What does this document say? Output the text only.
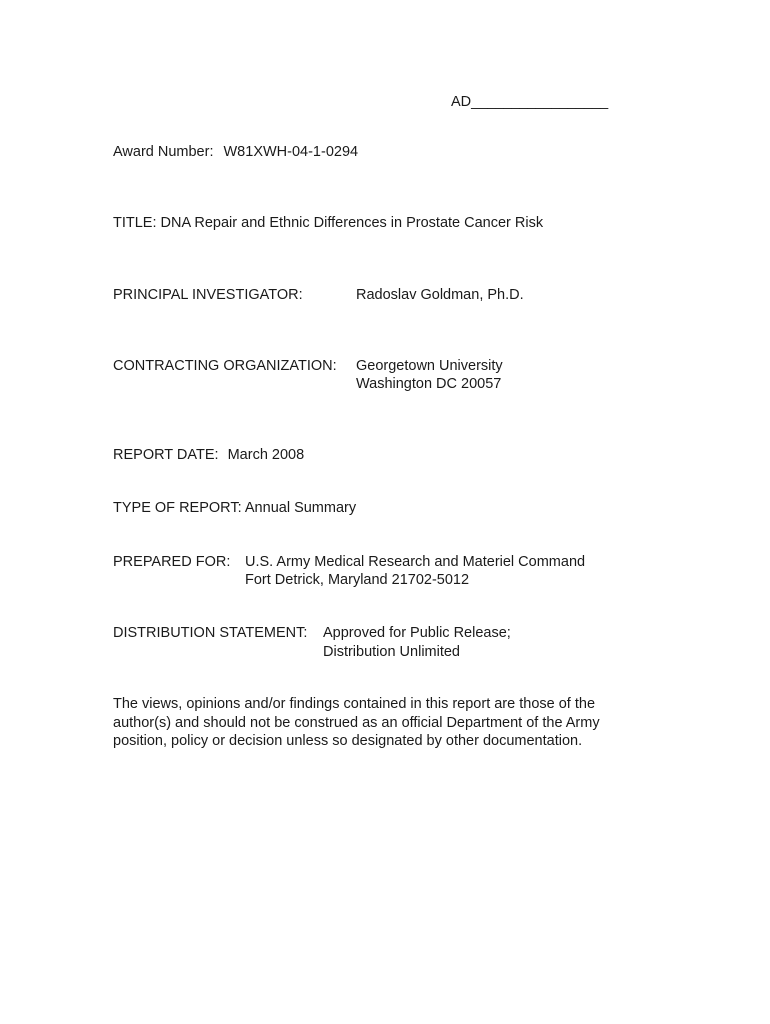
AD_________________
Award Number: W81XWH-04-1-0294
TITLE: DNA Repair and Ethnic Differences in Prostate Cancer Risk
PRINCIPAL INVESTIGATOR:	Radoslav Goldman, Ph.D.
CONTRACTING ORGANIZATION: Georgetown University
Washington DC 20057
REPORT DATE: March 2008
TYPE OF REPORT: Annual Summary
PREPARED FOR: U.S. Army Medical Research and Materiel Command
Fort Detrick, Maryland 21702-5012
DISTRIBUTION STATEMENT: Approved for Public Release;
Distribution Unlimited
The views, opinions and/or findings contained in this report are those of the
author(s) and should not be construed as an official Department of the Army
position, policy or decision unless so designated by other documentation.
